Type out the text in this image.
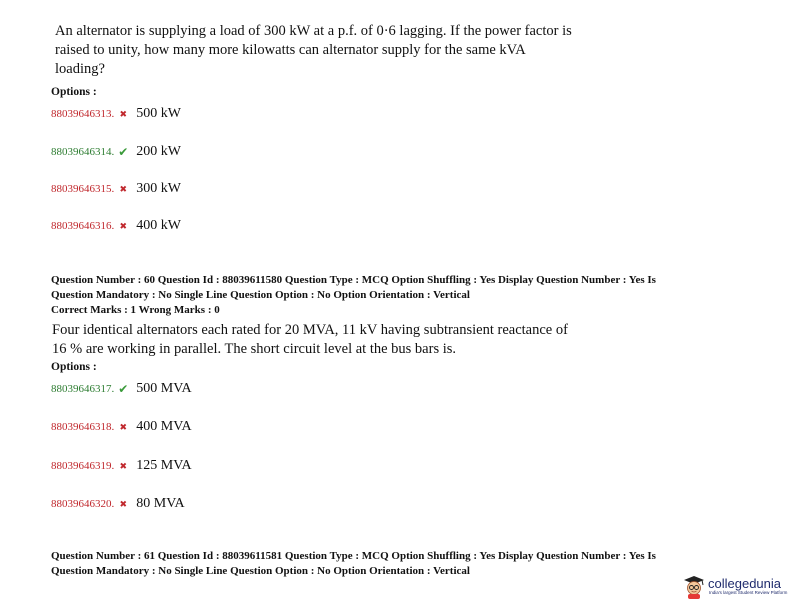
An alternator is supplying a load of 300 kW at a p.f. of 0·6 lagging. If the power factor is
raised to unity, how many more kilowatts can alternator supply for the same kVA
loading?
Options :
88039646313. ✖ 500 kW
88039646314. ✔ 200 kW
88039646315. ✖ 300 kW
88039646316. ✖ 400 kW
Question Number : 60 Question Id : 88039611580 Question Type : MCQ Option Shuffling : Yes Display Question Number : Yes Is
Question Mandatory : No Single Line Question Option : No Option Orientation : Vertical
Correct Marks : 1 Wrong Marks : 0
Four identical alternators each rated for 20 MVA, 11 kV having subtransient reactance of
16 % are working in parallel. The short circuit level at the bus bars is.
Options :
88039646317. ✔ 500 MVA
88039646318. ✖ 400 MVA
88039646319. ✖ 125 MVA
88039646320. ✖ 80 MVA
Question Number : 61 Question Id : 88039611581 Question Type : MCQ Option Shuffling : Yes Display Question Number : Yes Is
Question Mandatory : No Single Line Question Option : No Option Orientation : Vertical
collegedunia
India's largest Student Review Platform
